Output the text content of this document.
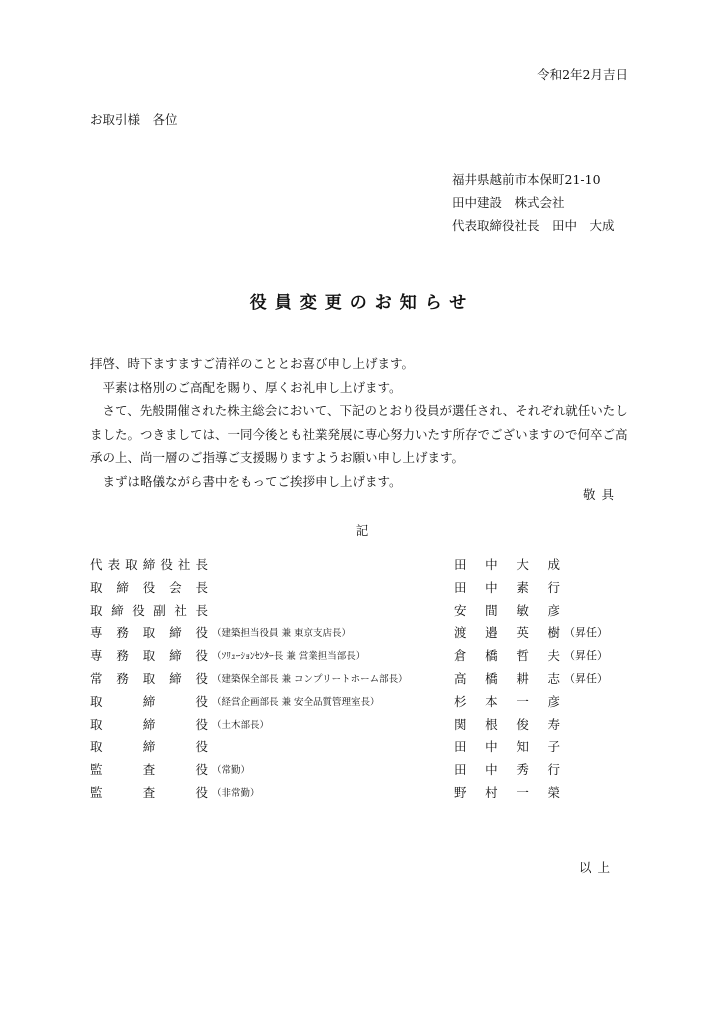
令和2年2月吉日
お取引様　各位
福井県越前市本保町21-10
田中建設　株式会社
代表取締役社長　田中　大成
役員変更のお知らせ

拝啓、時下ますますご清祥のこととお喜び申し上げます。

　平素は格別のご高配を賜り、厚くお礼申し上げます。

　さて、先般開催された株主総会において、下記のとおり役員が選任され、それぞれ就任いたしました。つきましては、一同今後とも社業発展に専心努力いたす所存でございますので何卒ご高承の上、尚一層のご指導ご支援賜りますようお願い申し上げます。

　まずは略儀ながら書中をもってご挨拶申し上げます。

敬具
記
代 表 取 締 役 社 長	田 中 大 成
取 締 役 会 長	田 中 素 行
取 締 役 副 社 長	安 間 敏 彦
専 務 取 締 役 （建築担当役員 兼 東京支店長）	渡 邉 英 樹 （昇任）
専 務 取 締 役 （ｿﾘｭｰｼｮﾝｾﾝﾀｰ長 兼 営業担当部長）	倉 橋 哲 夫 （昇任）
常 務 取 締 役 （建築保全部長 兼 コンプリートホーム部長）	高 橋 耕 志 （昇任）
取 締 役 （経営企画部長 兼 安全品質管理室長）	杉 本 一 彦
取 締 役 （土木部長）	関 根 俊 寿
取 締 役	田 中 知 子
監 査 役 （常勤）	田 中 秀 行
監 査 役 （非常勤）	野 村 一 榮
以上
